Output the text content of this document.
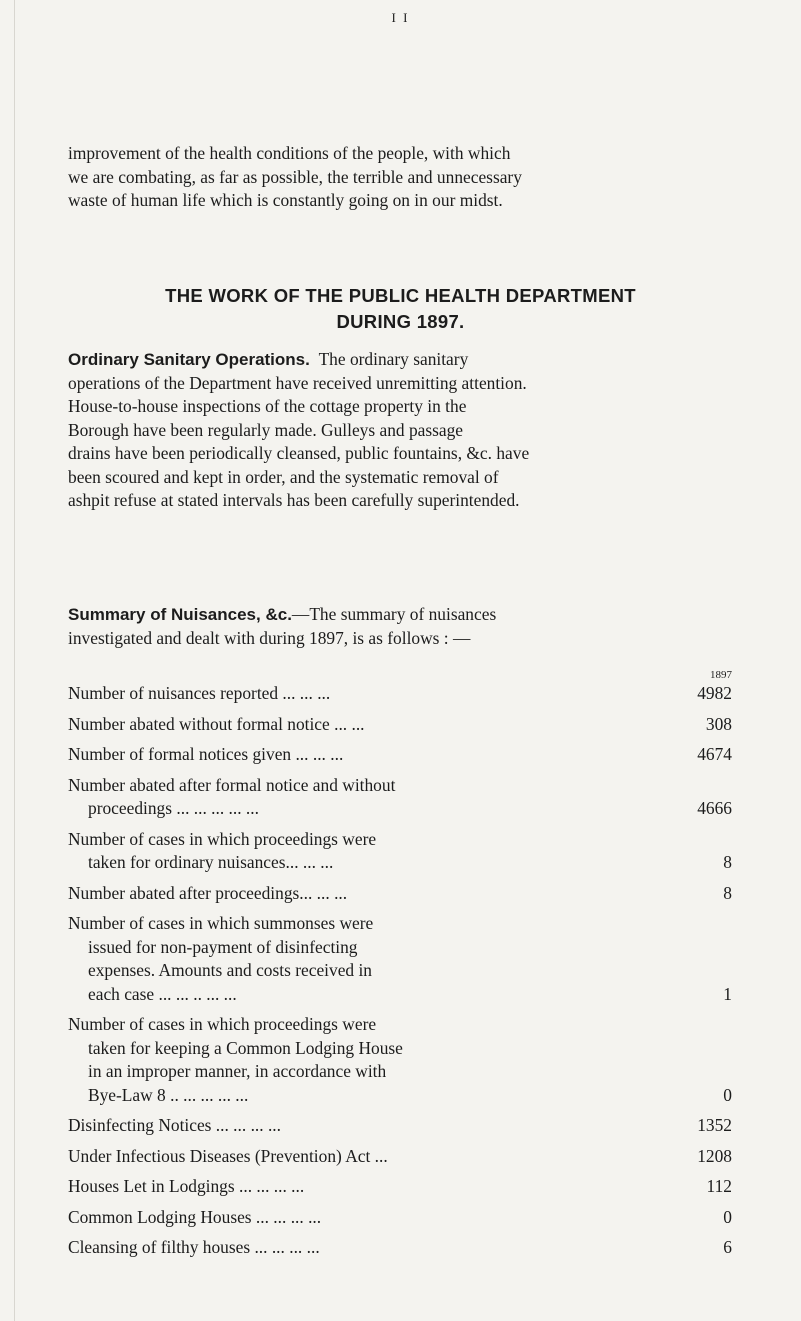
I I

improvement of the health conditions of the people, with which

we are combating, as far as possible, the terrible and unnecessary

waste of human life which is constantly going on in our midst.

THE WORK OF THE PUBLIC HEALTH DEPARTMENT
DURING 1897.

Ordinary Sanitary Operations. The ordinary sanitary

operations of the Department have received unremitting attention.

House-to-house inspections of the cottage property in the

Borough have been regularly made. Gulleys and passage

drains have been periodically cleansed, public fountains, &c. have

been scoured and kept in order, and the systematic removal of

ashpit refuse at stated intervals has been carefully superintended.

Summary of Nuisances, &c.—The summary of nuisances

investigated and dealt with during 1897, is as follows : —

1897
Number of nuisances reported ... ... ...	4982
Number abated without formal notice ... ...	308
Number of formal notices given ... ... ...	4674
Number abated after formal notice and without
proceedings ... ... ... ... ...	4666
Number of cases in which proceedings were
taken for ordinary nuisances... ... ...	8
Number abated after proceedings... ... ...	8
Number of cases in which summonses were
issued for non-payment of disinfecting
expenses. Amounts and costs received in
each case ... ... .. ... ...	1
Number of cases in which proceedings were
taken for keeping a Common Lodging House
in an improper manner, in accordance with
Bye-Law 8 .. ... ... ... ...	0
Disinfecting Notices ... ... ... ...	1352
Under Infectious Diseases (Prevention) Act ...	1208
Houses Let in Lodgings ... ... ... ...	112
Common Lodging Houses ... ... ... ...	0
Cleansing of filthy houses ... ... ... ...	6
